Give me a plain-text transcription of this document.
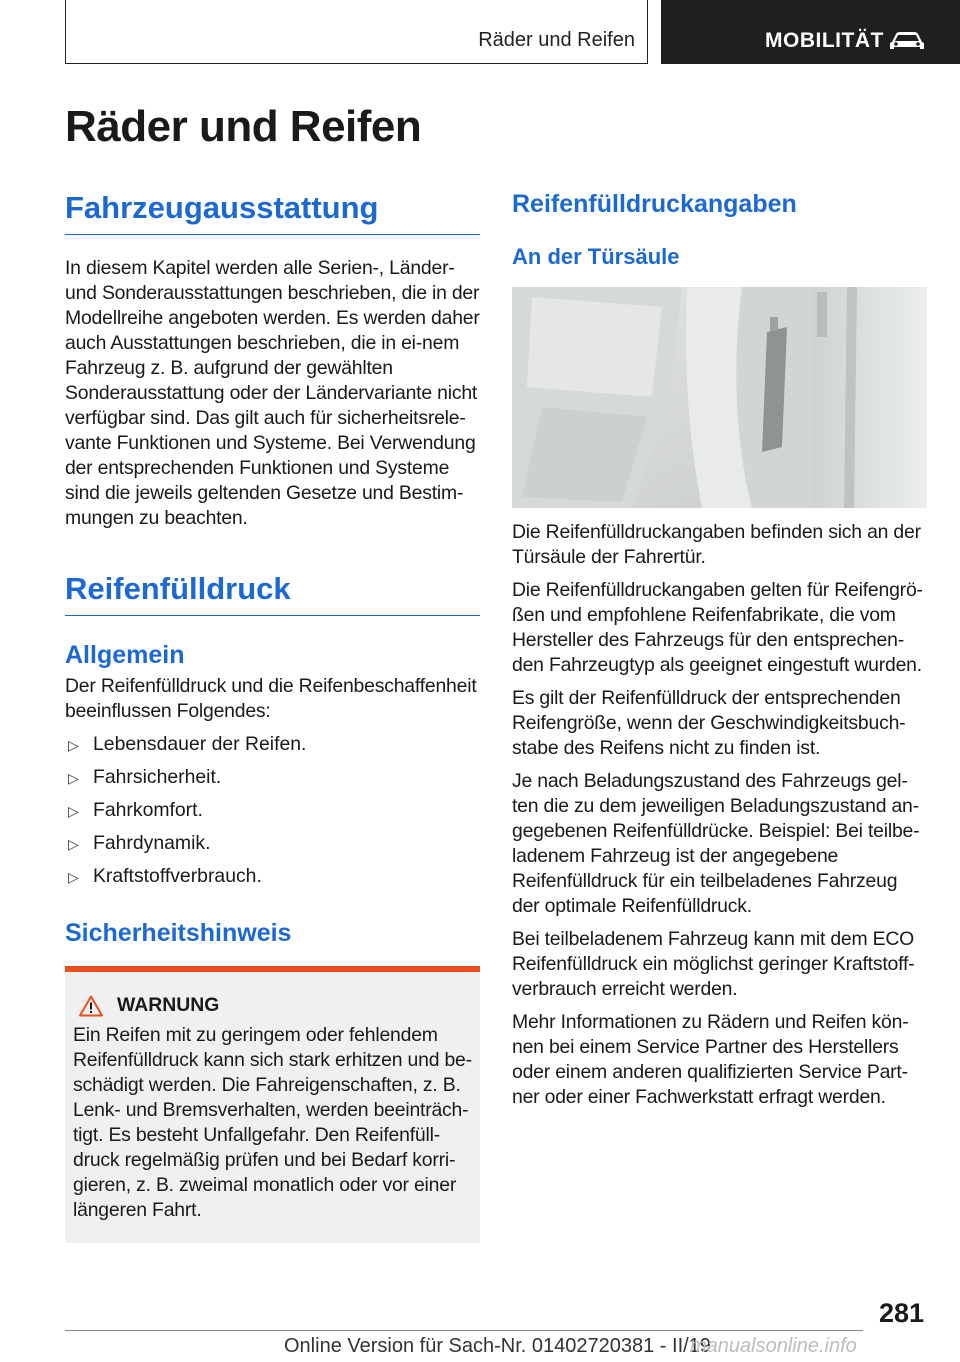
Räder und Reifen	MOBILITÄT
Räder und Reifen
Fahrzeugausstattung

In diesem Kapitel werden alle Serien-, Länder- und Sonderausstattungen beschrieben, die in der Modellreihe angeboten werden. Es werden daher auch Ausstattungen beschrieben, die in ei-nem Fahrzeug z. B. aufgrund der gewählten Sonderausstattung oder der Ländervariante nicht verfügbar sind. Das gilt auch für sicherheitsrele-vante Funktionen und Systeme. Bei Verwendung der entsprechenden Funktionen und Systeme sind die jeweils geltenden Gesetze und Bestim-mungen zu beachten.

Reifenfülldruck
Allgemein

Der Reifenfülldruck und die Reifenbeschaffenheit beeinflussen Folgendes:

▷ Lebensdauer der Reifen.
▷ Fahrsicherheit.
▷ Fahrkomfort.
▷ Fahrdynamik.
▷ Kraftstoffverbrauch.
Sicherheitshinweis
WARNUNG

Ein Reifen mit zu geringem oder fehlendem Reifenfülldruck kann sich stark erhitzen und be-schädigt werden. Die Fahreigenschaften, z. B. Lenk- und Bremsverhalten, werden beeinträch-tigt. Es besteht Unfallgefahr. Den Reifenfüll-druck regelmäßig prüfen und bei Bedarf korri-gieren, z. B. zweimal monatlich oder vor einer längeren Fahrt.

Reifenfülldruckangaben
An der Türsäule

Die Reifenfülldruckangaben befinden sich an der Türsäule der Fahrertür.

Die Reifenfülldruckangaben gelten für Reifengrö-ßen und empfohlene Reifenfabrikate, die vom Hersteller des Fahrzeugs für den entsprechen-den Fahrzeugtyp als geeignet eingestuft wurden.

Es gilt der Reifenfülldruck der entsprechenden Reifengröße, wenn der Geschwindigkeitsbuch-stabe des Reifens nicht zu finden ist.

Je nach Beladungszustand des Fahrzeugs gel-ten die zu dem jeweiligen Beladungszustand an-gegebenen Reifenfülldrücke. Beispiel: Bei teilbe-ladenem Fahrzeug ist der angegebene Reifenfülldruck für ein teilbeladenes Fahrzeug der optimale Reifenfülldruck.

Bei teilbeladenem Fahrzeug kann mit dem ECO Reifenfülldruck ein möglichst geringer Kraftstoff-verbrauch erreicht werden.

Mehr Informationen zu Rädern und Reifen kön-nen bei einem Service Partner des Herstellers oder einem anderen qualifizierten Service Part-ner oder einer Fachwerkstatt erfragt werden.

281
Online Version für Sach-Nr. 01402720381 - II/19
manualsonline.info
